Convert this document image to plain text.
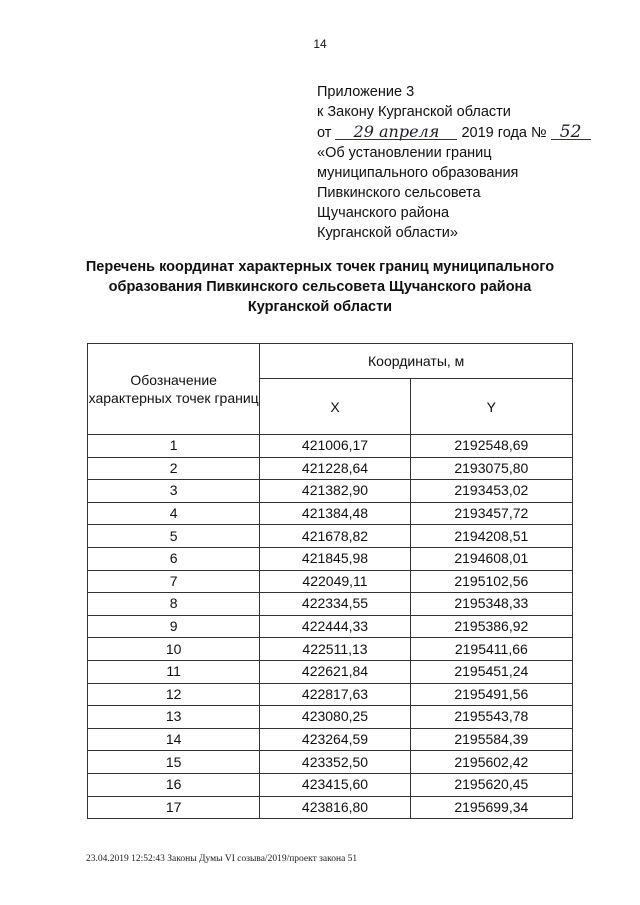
14
Приложение 3
к Закону Курганской области
от 29 апреля 2019 года № 52
«Об установлении границ
муниципального образования
Пивкинского сельсовета
Щучанского района
Курганской области»
Перечень координат характерных точек границ муниципального
образования Пивкинского сельсовета Щучанского района
Курганской области
Обозначение характерных точек границ	Координаты, м	
	X	Y
1	421006,17	2192548,69
2	421228,64	2193075,80
3	421382,90	2193453,02
4	421384,48	2193457,72
5	421678,82	2194208,51
6	421845,98	2194608,01
7	422049,11	2195102,56
8	422334,55	2195348,33
9	422444,33	2195386,92
10	422511,13	2195411,66
11	422621,84	2195451,24
12	422817,63	2195491,56
13	423080,25	2195543,78
14	423264,59	2195584,39
15	423352,50	2195602,42
16	423415,60	2195620,45
17	423816,80	2195699,34
23.04.2019 12:52:43 Законы Думы VI созыва/2019/проект закона 51
